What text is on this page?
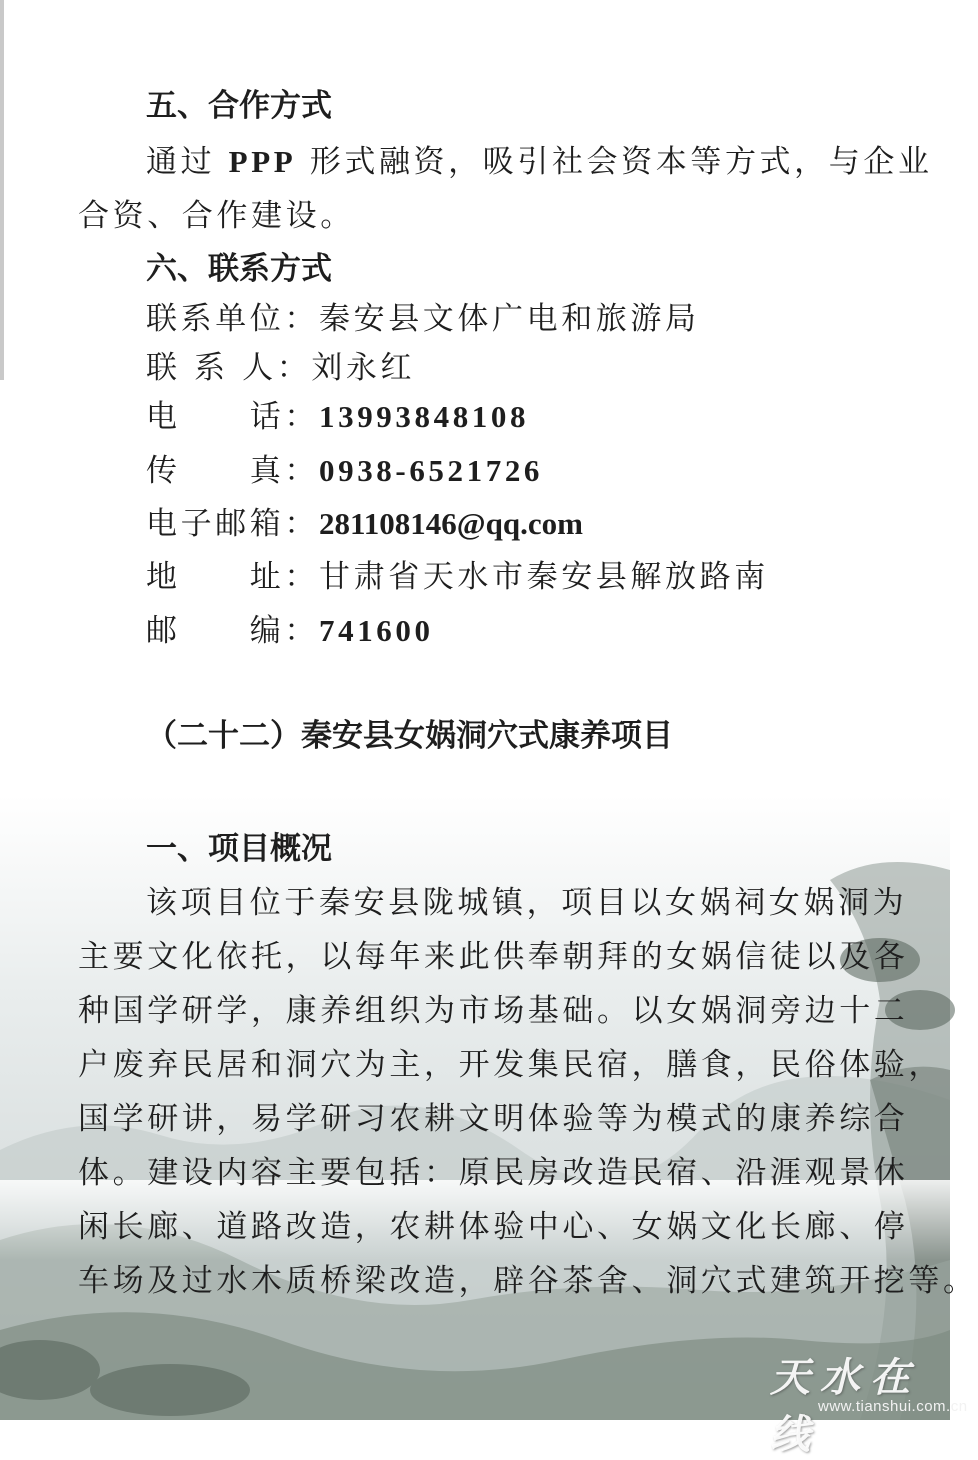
五、合作方式
通过 PPP 形式融资，吸引社会资本等方式，与企业
合资、合作建设。
六、联系方式
联系单位：秦安县文体广电和旅游局
联 系 人：刘永红
电　　话：13993848108
传　　真：0938-6521726
电子邮箱：281108146@qq.com
地　　址：甘肃省天水市秦安县解放路南
邮　　编：741600
（二十二）秦安县女娲洞穴式康养项目
一、项目概况
该项目位于秦安县陇城镇，项目以女娲祠女娲洞为
主要文化依托，以每年来此供奉朝拜的女娲信徒以及各
种国学研学，康养组织为市场基础。以女娲洞旁边十二
户废弃民居和洞穴为主，开发集民宿，膳食，民俗体验，
国学研讲，易学研习农耕文明体验等为模式的康养综合
体。建设内容主要包括：原民房改造民宿、沿涯观景休
闲长廊、道路改造，农耕体验中心、女娲文化长廊、停
车场及过水木质桥梁改造，辟谷茶舍、洞穴式建筑开挖等。
天水在线
www.tianshui.com.cn
